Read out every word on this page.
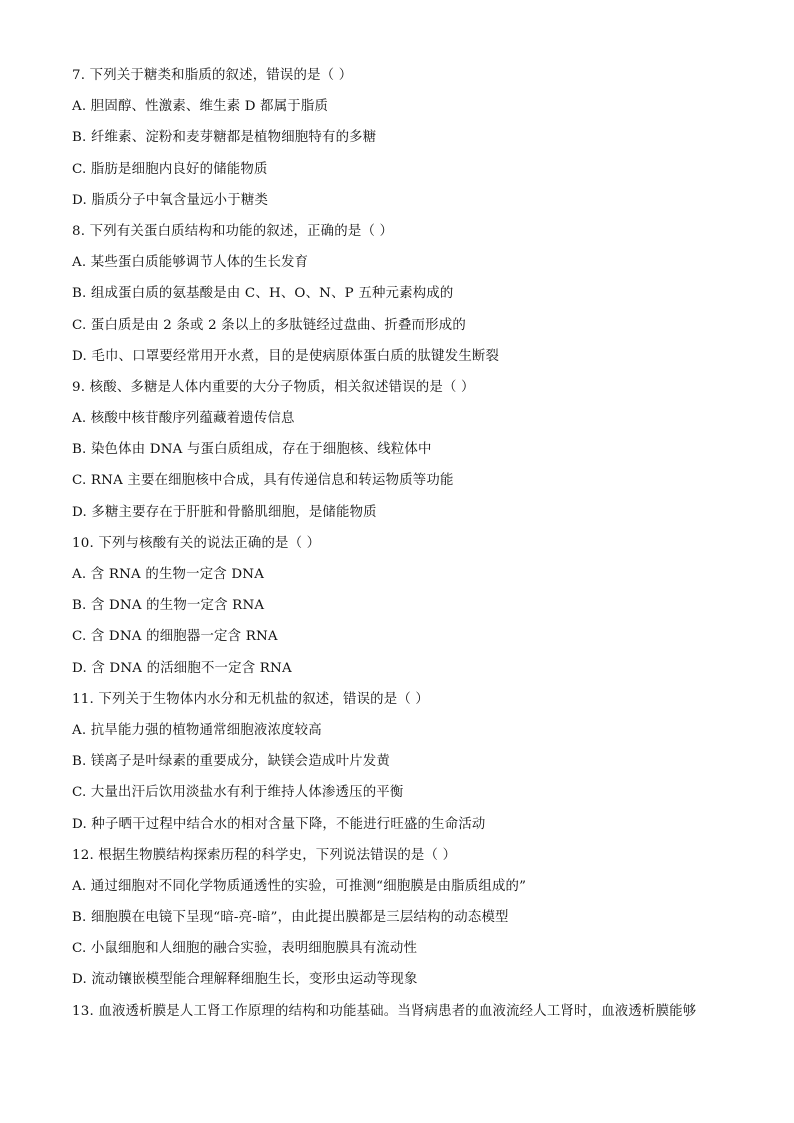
7. 下列关于糖类和脂质的叙述，错误的是（ ）
A. 胆固醇、性激素、维生素 D 都属于脂质
B. 纤维素、淀粉和麦芽糖都是植物细胞特有的多糖
C. 脂肪是细胞内良好的储能物质
D. 脂质分子中氧含量远小于糖类
8. 下列有关蛋白质结构和功能的叙述，正确的是（ ）
A. 某些蛋白质能够调节人体的生长发育
B. 组成蛋白质的氨基酸是由 C、H、O、N、P 五种元素构成的
C. 蛋白质是由 2 条或 2 条以上的多肽链经过盘曲、折叠而形成的
D. 毛巾、口罩要经常用开水煮，目的是使病原体蛋白质的肽键发生断裂
9. 核酸、多糖是人体内重要的大分子物质，相关叙述错误的是（ ）
A. 核酸中核苷酸序列蕴藏着遗传信息
B. 染色体由 DNA 与蛋白质组成，存在于细胞核、线粒体中
C. RNA 主要在细胞核中合成，具有传递信息和转运物质等功能
D. 多糖主要存在于肝脏和骨骼肌细胞，是储能物质
10. 下列与核酸有关的说法正确的是（ ）
A. 含 RNA 的生物一定含 DNA
B. 含 DNA 的生物一定含 RNA
C. 含 DNA 的细胞器一定含 RNA
D. 含 DNA 的活细胞不一定含 RNA
11. 下列关于生物体内水分和无机盐的叙述，错误的是（ ）
A. 抗旱能力强的植物通常细胞液浓度较高
B. 镁离子是叶绿素的重要成分，缺镁会造成叶片发黄
C. 大量出汗后饮用淡盐水有利于维持人体渗透压的平衡
D. 种子晒干过程中结合水的相对含量下降，不能进行旺盛的生命活动
12. 根据生物膜结构探索历程的科学史，下列说法错误的是（ ）
A. 通过细胞对不同化学物质通透性的实验，可推测“细胞膜是由脂质组成的”
B. 细胞膜在电镜下呈现“暗-亮-暗”，由此提出膜都是三层结构的动态模型
C. 小鼠细胞和人细胞的融合实验，表明细胞膜具有流动性
D. 流动镶嵌模型能合理解释细胞生长，变形虫运动等现象
13. 血液透析膜是人工肾工作原理的结构和功能基础。当肾病患者的血液流经人工肾时，血液透析膜能够
